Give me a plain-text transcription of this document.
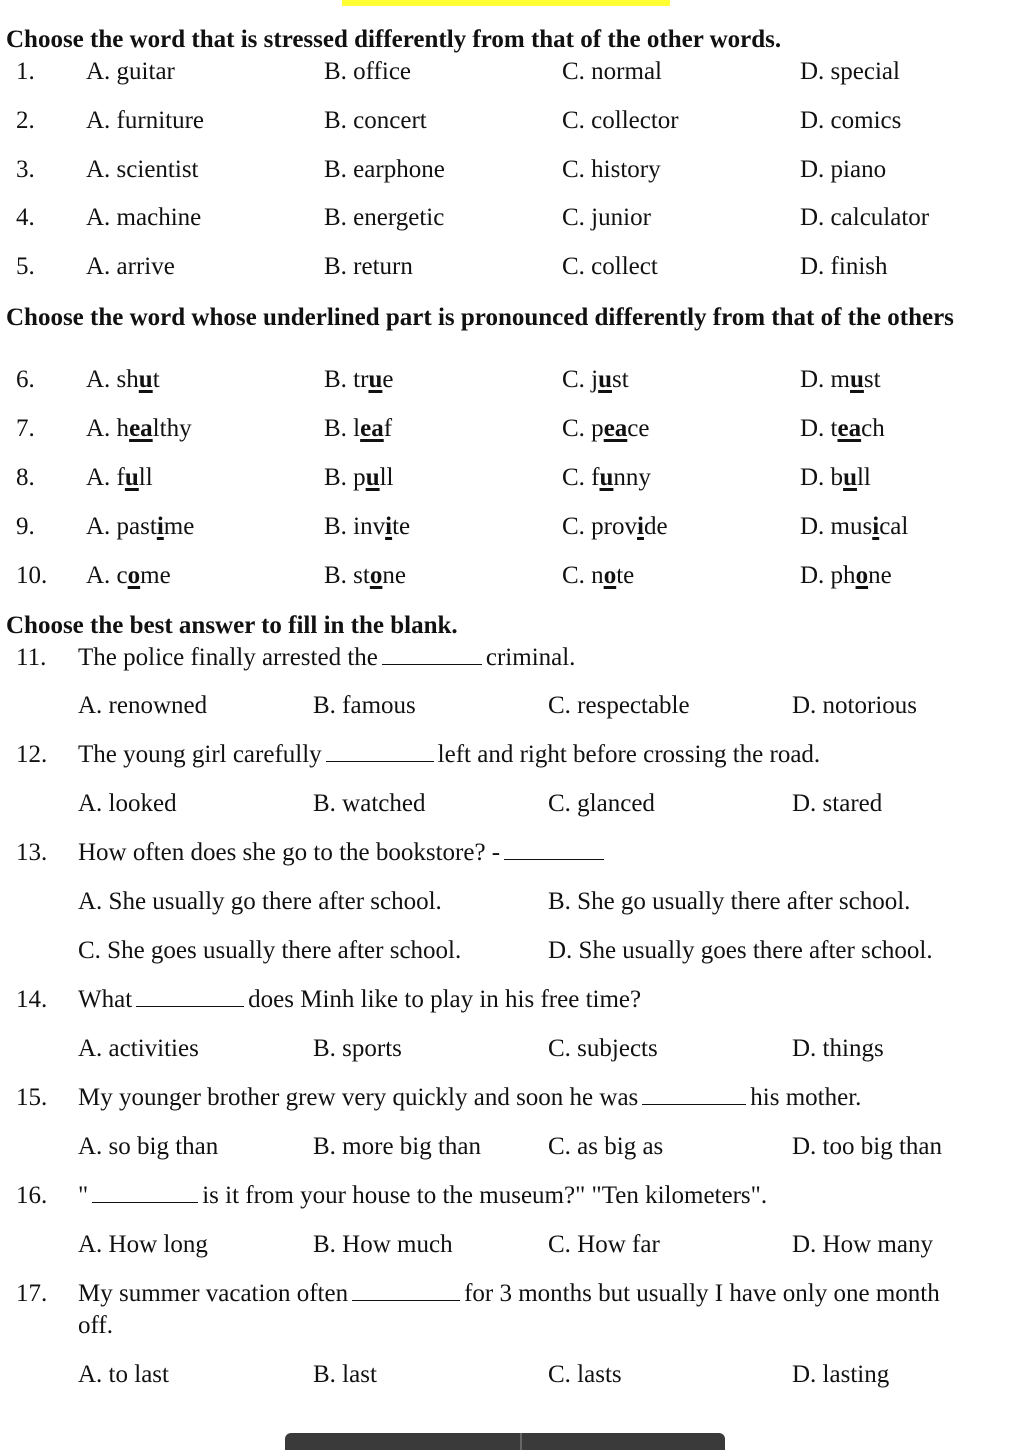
Choose the word that is stressed differently from that of the other words.
1. A. guitar	B. office	C. normal	D. special
2. A. furniture	B. concert	C. collector	D. comics
3. A. scientist	B. earphone	C. history	D. piano
4. A. machine	B. energetic	C. junior	D. calculator
5. A. arrive	B. return	C. collect	D. finish
Choose the word whose underlined part is pronounced differently from that of the others
6. A. shut	B. true	C. just	D. must
7. A. healthy	B. leaf	C. peace	D. teach
8. A. full	B. pull	C. funny	D. bull
9. A. pastime	B. invite	C. provide	D. musical
10. A. come	B. stone	C. note	D. phone
Choose the best answer to fill in the blank.
11. The police finally arrested the	criminal.
A. renowned	B. famous	C. respectable	D. notorious
12. The young girl carefully	left and right before crossing the road.
A. looked	B. watched	C. glanced	D. stared
13. How often does she go to the bookstore? -
A. She usually go there after school.	B. She go usually there after school.
C. She goes usually there after school.	D. She usually goes there after school.
14. What	does Minh like to play in his free time?
A. activities	B. sports	C. subjects	D. things
15. My younger brother grew very quickly and soon he was	his mother.
A. so big than	B. more big than	C. as big as	D. too big than
16. "	is it from your house to the museum?" "Ten kilometers".
A. How long	B. How much	C. How far	D. How many
17. My summer vacation often	for 3 months but usually I have only one month off.
A. to last	B. last	C. lasts	D. lasting
